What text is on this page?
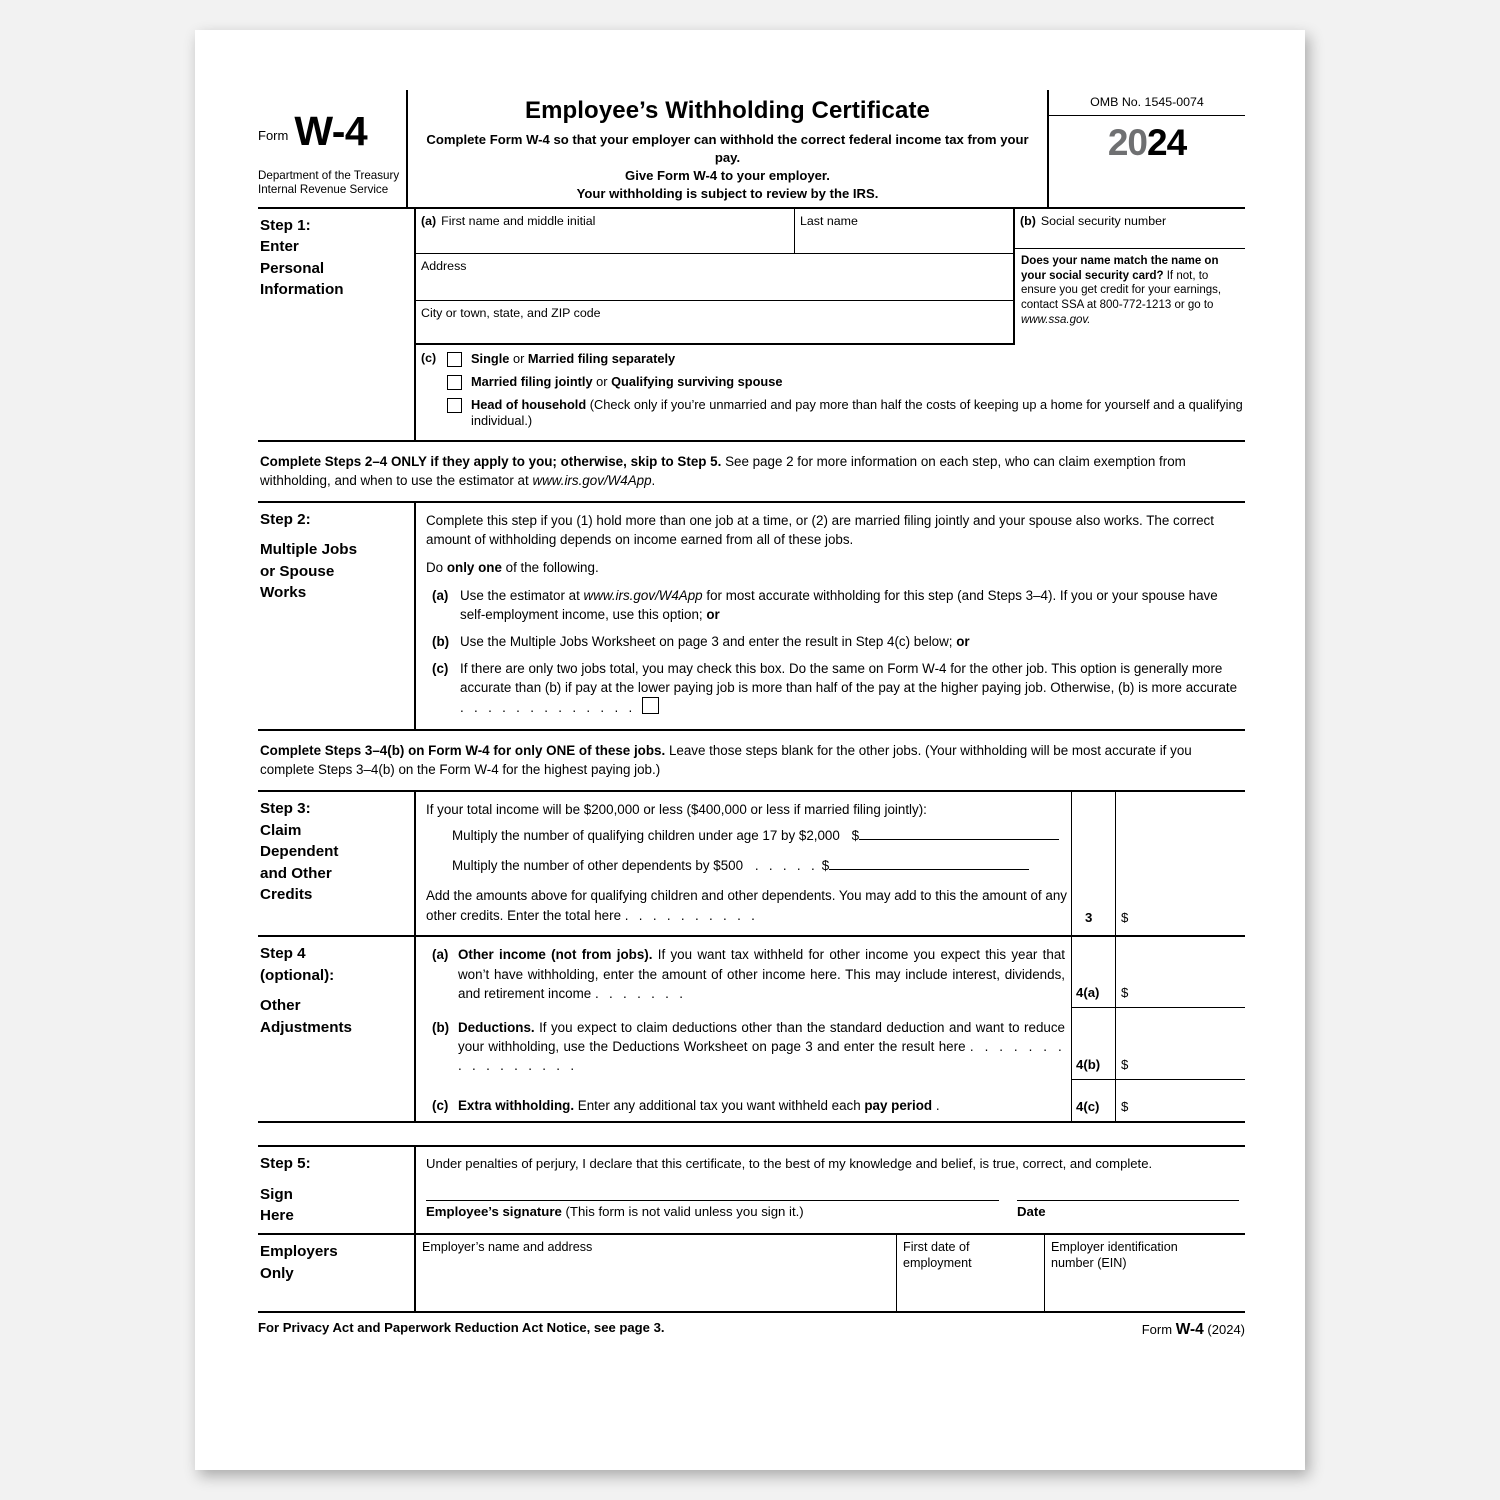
Form W-4
Department of the Treasury
Internal Revenue Service
Employee’s Withholding Certificate
Complete Form W-4 so that your employer can withhold the correct federal income tax from your pay.
Give Form W-4 to your employer.
Your withholding is subject to review by the IRS.
OMB No. 1545-0074
2024
Step 1:
Enter
Personal
Information
(a) First name and middle initial	Last name
Address
City or town, state, and ZIP code
(b) Social security number
Does your name match the name on your social security card? If not, to ensure you get credit for your earnings, contact SSA at 800-772-1213 or go to www.ssa.gov.
(c)	Single or Married filing separately
Married filing jointly or Qualifying surviving spouse
Head of household (Check only if you’re unmarried and pay more than half the costs of keeping up a home for yourself and a qualifying individual.)
Complete Steps 2–4 ONLY if they apply to you; otherwise, skip to Step 5. See page 2 for more information on each step, who can claim exemption from withholding, and when to use the estimator at www.irs.gov/W4App.
Step 2:
Multiple Jobs
or Spouse
Works
Complete this step if you (1) hold more than one job at a time, or (2) are married filing jointly and your spouse also works. The correct amount of withholding depends on income earned from all of these jobs.
Do only one of the following.
(a) Use the estimator at www.irs.gov/W4App for most accurate withholding for this step (and Steps 3–4). If you or your spouse have self-employment income, use this option; or
(b) Use the Multiple Jobs Worksheet on page 3 and enter the result in Step 4(c) below; or
(c) If there are only two jobs total, you may check this box. Do the same on Form W-4 for the other job. This option is generally more accurate than (b) if pay at the lower paying job is more than half of the pay at the higher paying job. Otherwise, (b) is more accurate . . . . . . . . . . . . .
Complete Steps 3–4(b) on Form W-4 for only ONE of these jobs. Leave those steps blank for the other jobs. (Your withholding will be most accurate if you complete Steps 3–4(b) on the Form W-4 for the highest paying job.)
Step 3:
Claim
Dependent
and Other
Credits
If your total income will be $200,000 or less ($400,000 or less if married filing jointly):
Multiply the number of qualifying children under age 17 by $2,000 $
Multiply the number of other dependents by $500 . . . . . $
Add the amounts above for qualifying children and other dependents. You may add to this the amount of any other credits. Enter the total here . . . . . . . . . .	3 $
Step 4
(optional):
Other
Adjustments
(a) Other income (not from jobs). If you want tax withheld for other income you expect this year that won’t have withholding, enter the amount of other income here. This may include interest, dividends, and retirement income . . . . . . .	4(a) $
(b) Deductions. If you expect to claim deductions other than the standard deduction and want to reduce your withholding, use the Deductions Worksheet on page 3 and enter the result here . . . . . . . . . . . . . . . .	4(b) $
(c) Extra withholding. Enter any additional tax you want withheld each pay period .	4(c) $
Step 5:
Sign
Here
Under penalties of perjury, I declare that this certificate, to the best of my knowledge and belief, is true, correct, and complete.
Employee’s signature (This form is not valid unless you sign it.)	Date
Employers
Only
Employer’s name and address	First date of
employment
Employer identification
number (EIN)
For Privacy Act and Paperwork Reduction Act Notice, see page 3.	Form W-4 (2024)
